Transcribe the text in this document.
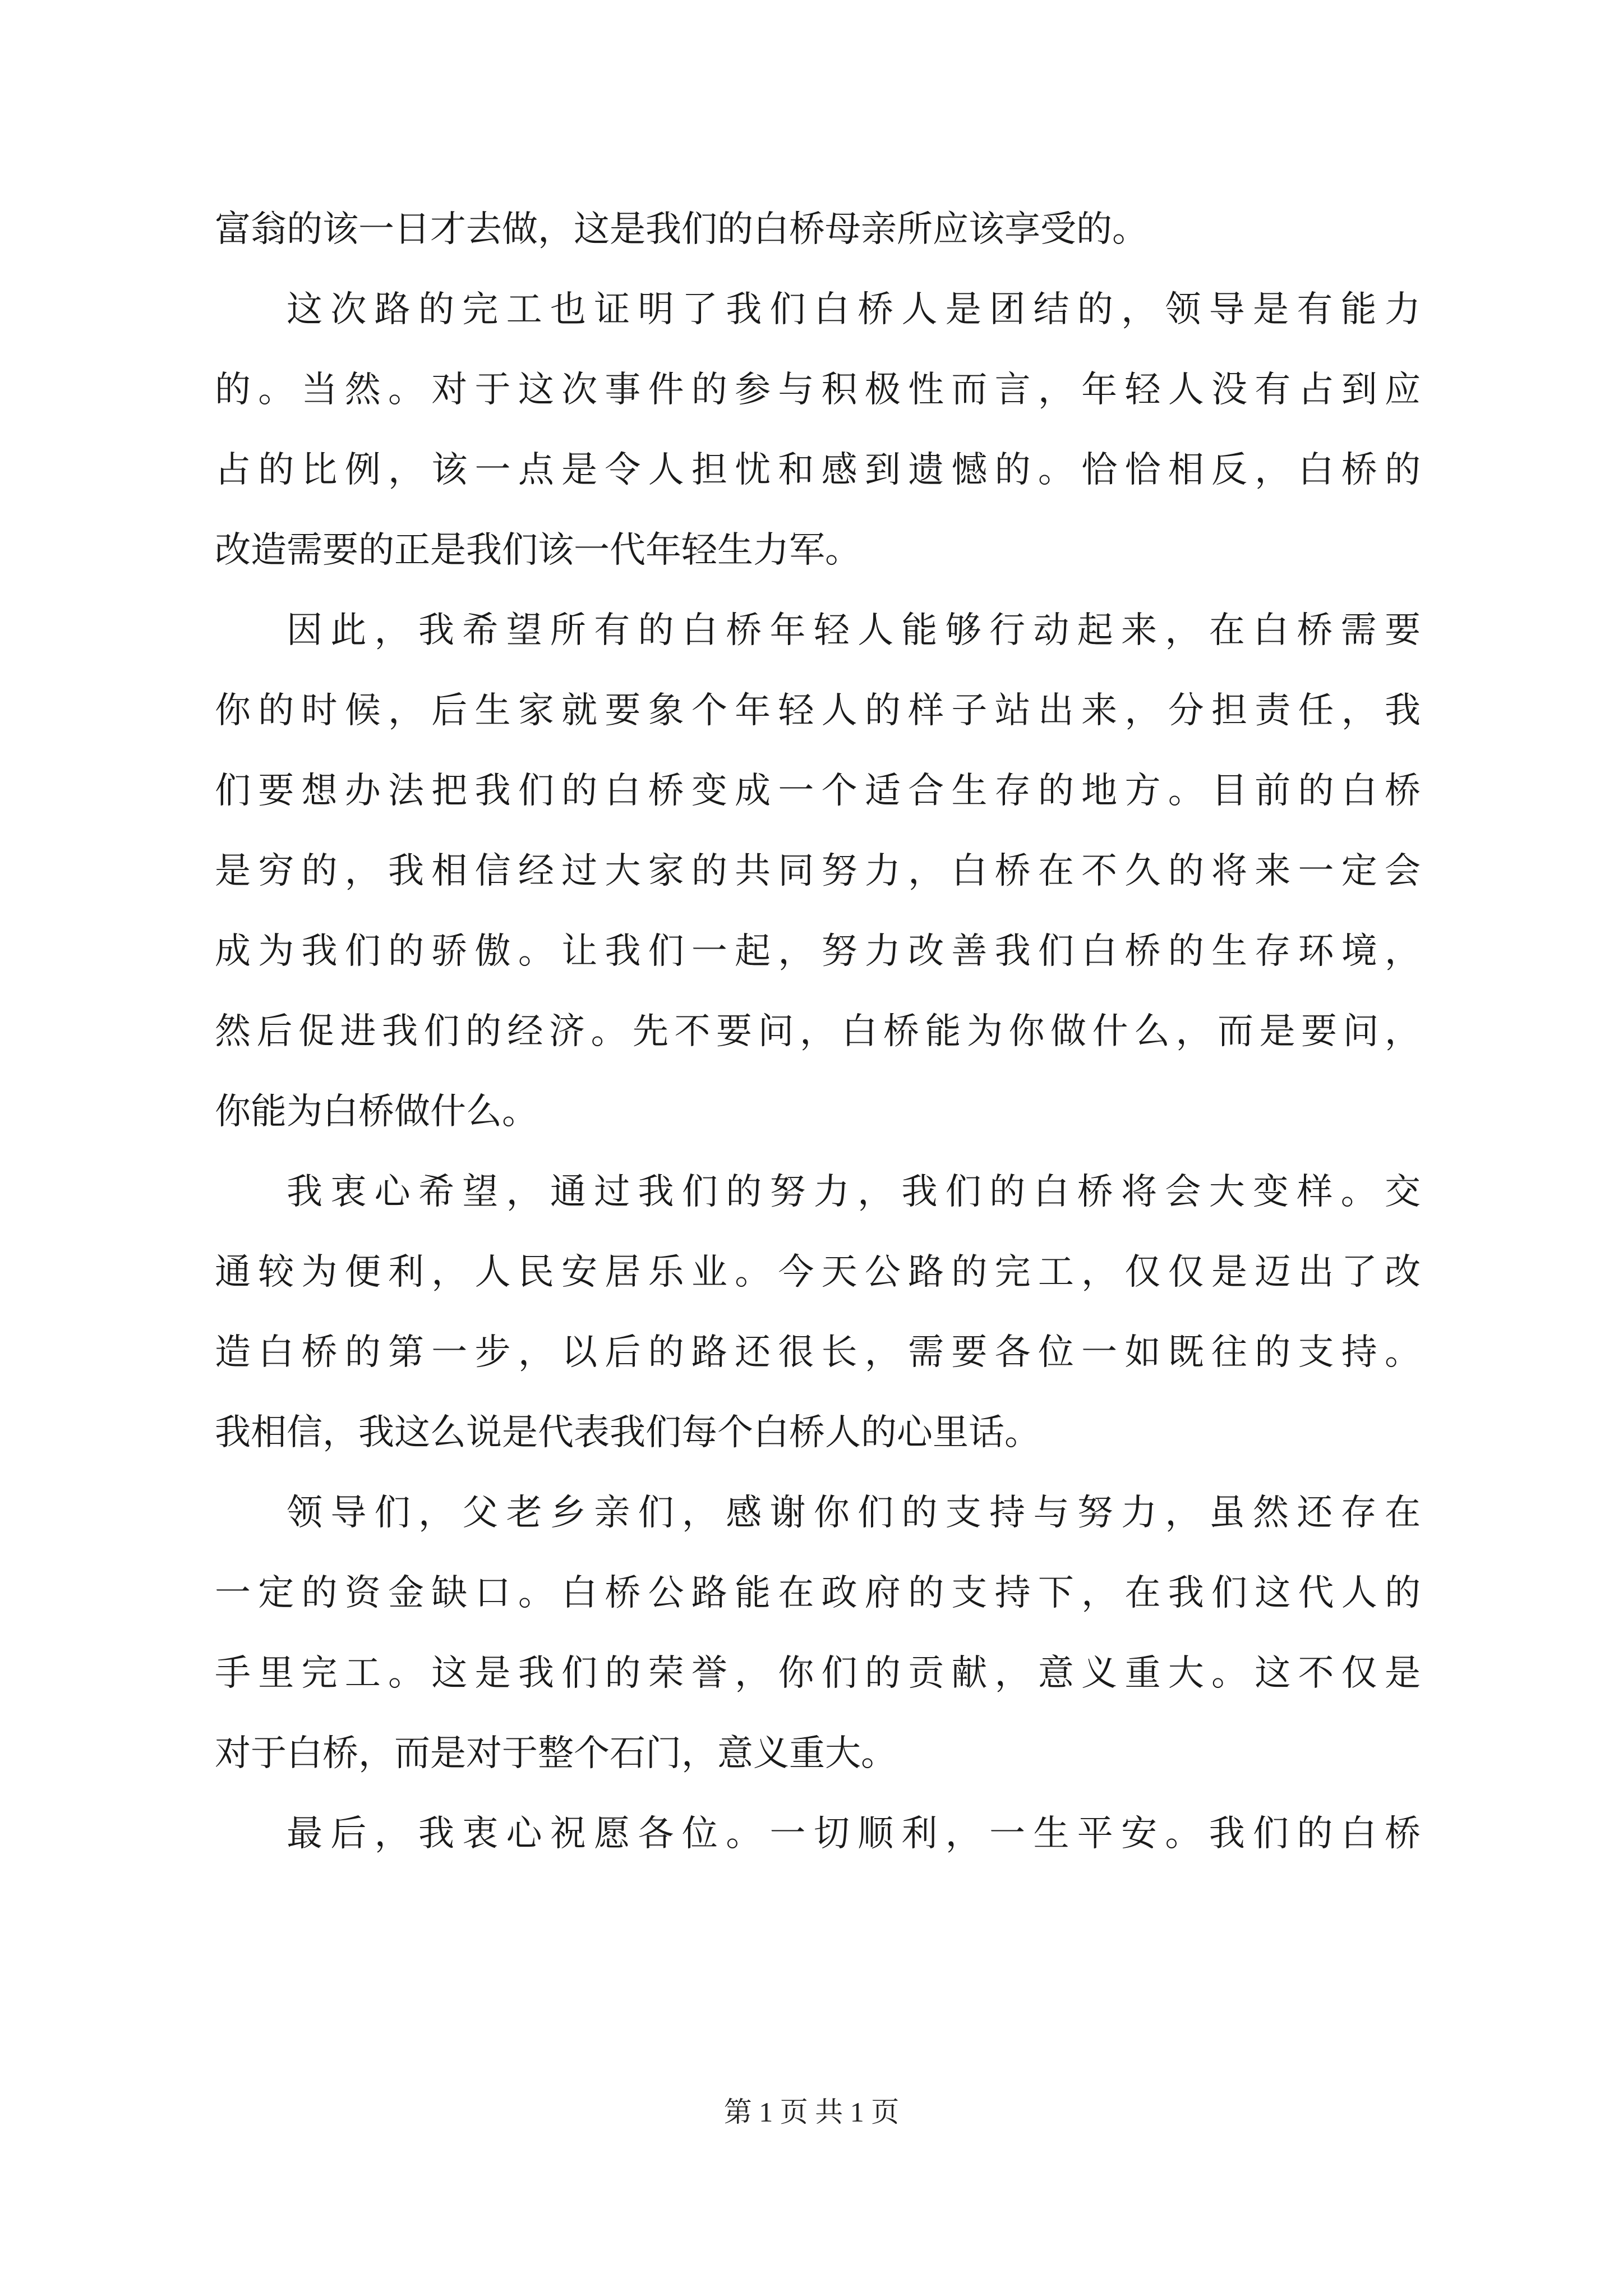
富翁的该一日才去做，这是我们的白桥母亲所应该享受的。
这次路的完工也证明了我们白桥人是团结的，领导是有能力
的。当然。对于这次事件的参与积极性而言，年轻人没有占到应
占的比例，该一点是令人担忧和感到遗憾的。恰恰相反，白桥的
改造需要的正是我们该一代年轻生力军。
因此，我希望所有的白桥年轻人能够行动起来，在白桥需要
你的时候，后生家就要象个年轻人的样子站出来，分担责任，我
们要想办法把我们的白桥变成一个适合生存的地方。目前的白桥
是穷的，我相信经过大家的共同努力，白桥在不久的将来一定会
成为我们的骄傲。让我们一起，努力改善我们白桥的生存环境，
然后促进我们的经济。先不要问，白桥能为你做什么，而是要问，
你能为白桥做什么。
我衷心希望，通过我们的努力，我们的白桥将会大变样。交
通较为便利，人民安居乐业。今天公路的完工，仅仅是迈出了改
造白桥的第一步，以后的路还很长，需要各位一如既往的支持。
我相信，我这么说是代表我们每个白桥人的心里话。
领导们，父老乡亲们，感谢你们的支持与努力，虽然还存在
一定的资金缺口。白桥公路能在政府的支持下，在我们这代人的
手里完工。这是我们的荣誉，你们的贡献，意义重大。这不仅是
对于白桥，而是对于整个石门，意义重大。
最后，我衷心祝愿各位。一切顺利，一生平安。我们的白桥
第 1 页 共 1 页
